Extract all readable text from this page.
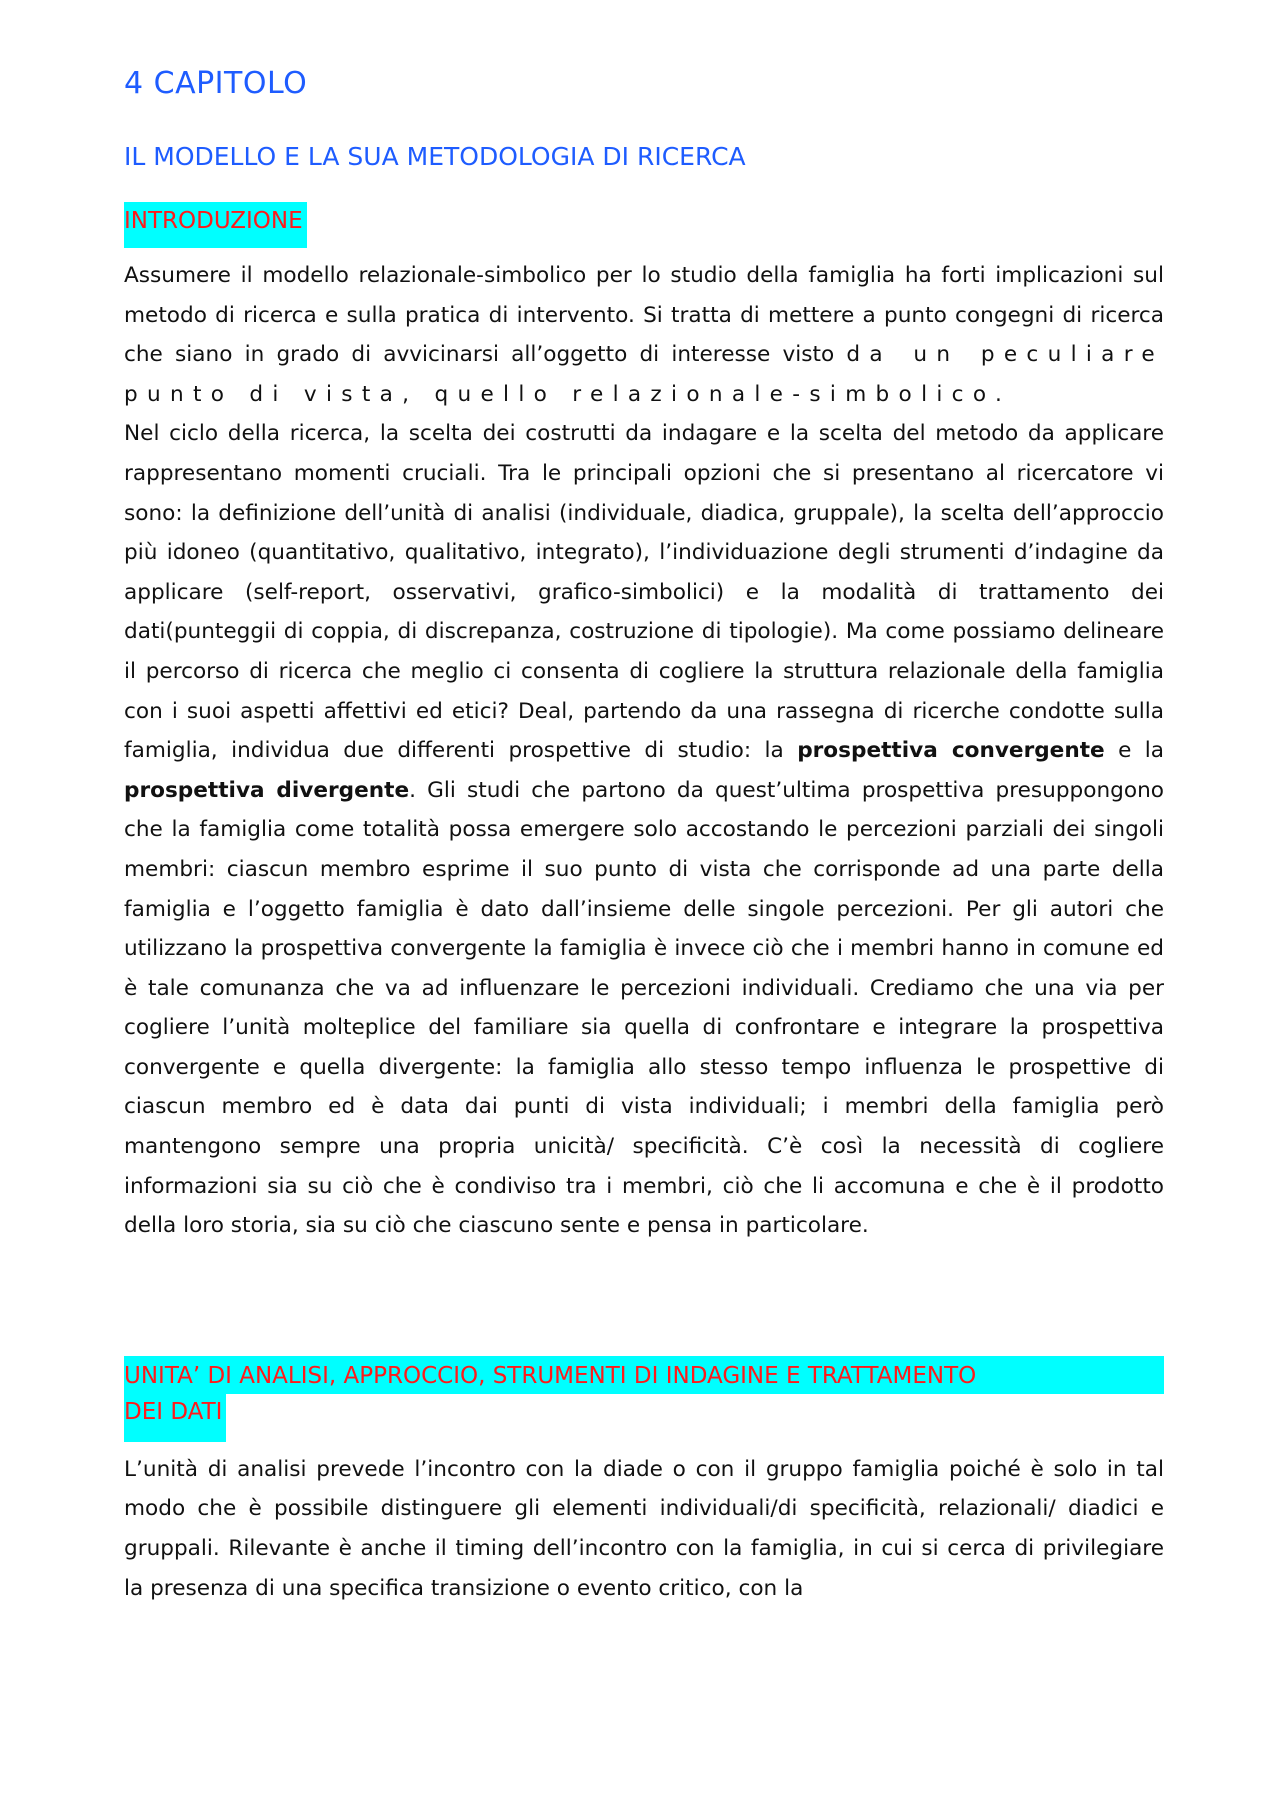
4 CAPITOLO
IL MODELLO E LA SUA METODOLOGIA DI RICERCA
INTRODUZIONE

Assumere il modello relazionale-simbolico per lo studio della famiglia ha forti implicazioni sul metodo di ricerca e sulla pratica di intervento. Si tratta di mettere a punto congegni di ricerca che siano in grado di avvicinarsi all’oggetto di interesse visto da un peculiare punto di vista, quello relazionale-simbolico.
Nel ciclo della ricerca, la scelta dei costrutti da indagare e la scelta del metodo da applicare rappresentano momenti cruciali. Tra le principali opzioni che si presentano al ricercatore vi sono: la definizione dell’unità di analisi (individuale, diadica, gruppale), la scelta dell’approccio più idoneo (quantitativo, qualitativo, integrato), l’individuazione degli strumenti d’indagine da applicare (self-report, osservativi, grafico-simbolici) e la modalità di trattamento dei dati(punteggii di coppia, di discrepanza, costruzione di tipologie). Ma come possiamo delineare il percorso di ricerca che meglio ci consenta di cogliere la struttura relazionale della famiglia con i suoi aspetti affettivi ed etici? Deal, partendo da una rassegna di ricerche condotte sulla famiglia, individua due differenti prospettive di studio: la prospettiva convergente e la prospettiva divergente. Gli studi che partono da quest’ultima prospettiva presuppongono che la famiglia come totalità possa emergere solo accostando le percezioni parziali dei singoli membri: ciascun membro esprime il suo punto di vista che corrisponde ad una parte della famiglia e l’oggetto famiglia è dato dall’insieme delle singole percezioni. Per gli autori che utilizzano la prospettiva convergente la famiglia è invece ciò che i membri hanno in comune ed è tale comunanza che va ad influenzare le percezioni individuali. Crediamo che una via per cogliere l’unità molteplice del familiare sia quella di confrontare e integrare la prospettiva convergente e quella divergente: la famiglia allo stesso tempo influenza le prospettive di ciascun membro ed è data dai punti di vista individuali; i membri della famiglia però mantengono sempre una propria unicità/ specificità. C’è così la necessità di cogliere informazioni sia su ciò che è condiviso tra i membri, ciò che li accomuna e che è il prodotto della loro storia, sia su ciò che ciascuno sente e pensa in particolare.

UNITA’ DI ANALISI, APPROCCIO, STRUMENTI DI INDAGINE E TRATTAMENTO
DEI DATI

L’unità di analisi prevede l’incontro con la diade o con il gruppo famiglia poiché è solo in tal modo che è possibile distinguere gli elementi individuali/di specificità, relazionali/ diadici e gruppali. Rilevante è anche il timing dell’incontro con la famiglia, in cui si cerca di privilegiare la presenza di una specifica transizione o evento critico, con la
